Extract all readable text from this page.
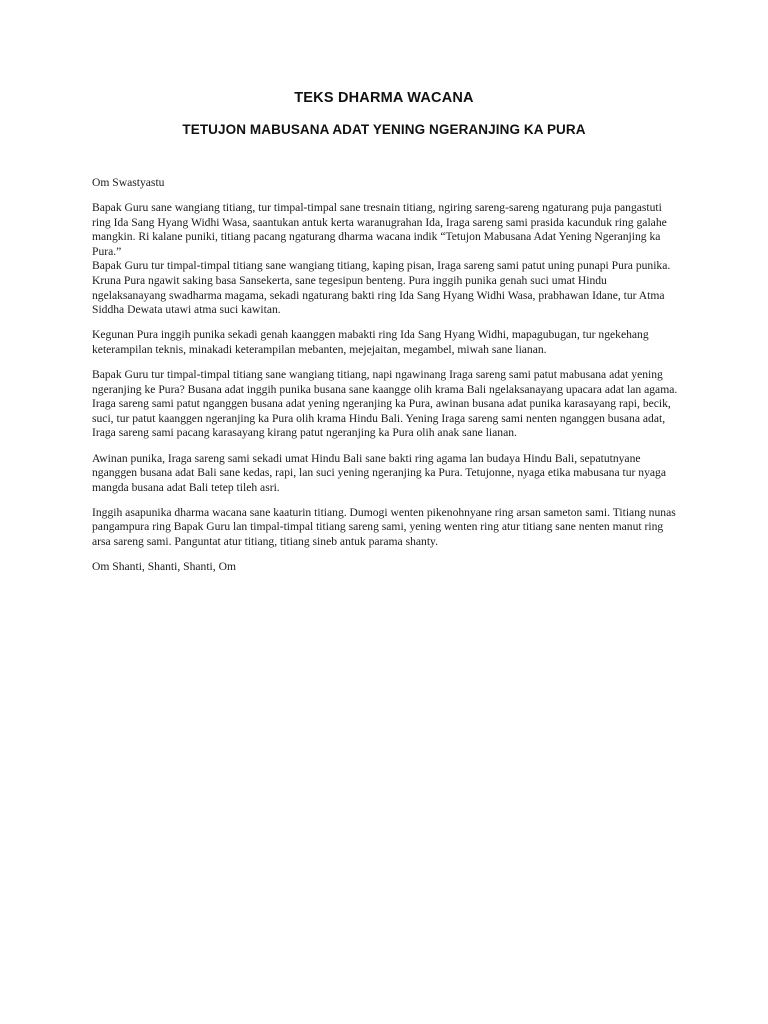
TEKS DHARMA WACANA
TETUJON MABUSANA ADAT YENING NGERANJING KA PURA

Om Swastyastu

Bapak Guru sane wangiang titiang, tur timpal-timpal sane tresnain titiang, ngiring sareng-sareng ngaturang puja pangastuti ring Ida Sang Hyang Widhi Wasa, saantukan antuk kerta waranugrahan Ida, Iraga sareng sami prasida kacunduk ring galahe mangkin. Ri kalane puniki, titiang pacang ngaturang dharma wacana indik “Tetujon Mabusana Adat Yening Ngeranjing ka Pura.”

Bapak Guru tur timpal-timpal titiang sane wangiang titiang, kaping pisan, Iraga sareng sami patut uning punapi Pura punika. Kruna Pura ngawit saking basa Sansekerta, sane tegesipun benteng. Pura inggih punika genah suci umat Hindu ngelaksanayang swadharma magama, sekadi ngaturang bakti ring Ida Sang Hyang Widhi Wasa, prabhawan Idane, tur Atma Siddha Dewata utawi atma suci kawitan.

Kegunan Pura inggih punika sekadi genah kaanggen mabakti ring Ida Sang Hyang Widhi, mapagubugan, tur ngekehang keterampilan teknis, minakadi keterampilan mebanten, mejejaitan, megambel, miwah sane lianan.

Bapak Guru tur timpal-timpal titiang sane wangiang titiang, napi ngawinang Iraga sareng sami patut mabusana adat yening ngeranjing ke Pura? Busana adat inggih punika busana sane kaangge olih krama Bali ngelaksanayang upacara adat lan agama. Iraga sareng sami patut nganggen busana adat yening ngeranjing ka Pura, awinan busana adat punika karasayang rapi, becik, suci, tur patut kaanggen ngeranjing ka Pura olih krama Hindu Bali. Yening Iraga sareng sami nenten nganggen busana adat, Iraga sareng sami pacang karasayang kirang patut ngeranjing ka Pura olih anak sane lianan.

Awinan punika, Iraga sareng sami sekadi umat Hindu Bali sane bakti ring agama lan budaya Hindu Bali, sepatutnyane nganggen busana adat Bali sane kedas, rapi, lan suci yening ngeranjing ka Pura. Tetujonne, nyaga etika mabusana tur nyaga mangda busana adat Bali tetep tileh asri.

Inggih asapunika dharma wacana sane kaaturin titiang. Dumogi wenten pikenohnyane ring arsan sameton sami. Titiang nunas pangampura ring Bapak Guru lan timpal-timpal titiang sareng sami, yening wenten ring atur titiang sane nenten manut ring arsa sareng sami. Panguntat atur titiang, titiang sineb antuk parama shanty.

Om Shanti, Shanti, Shanti, Om
